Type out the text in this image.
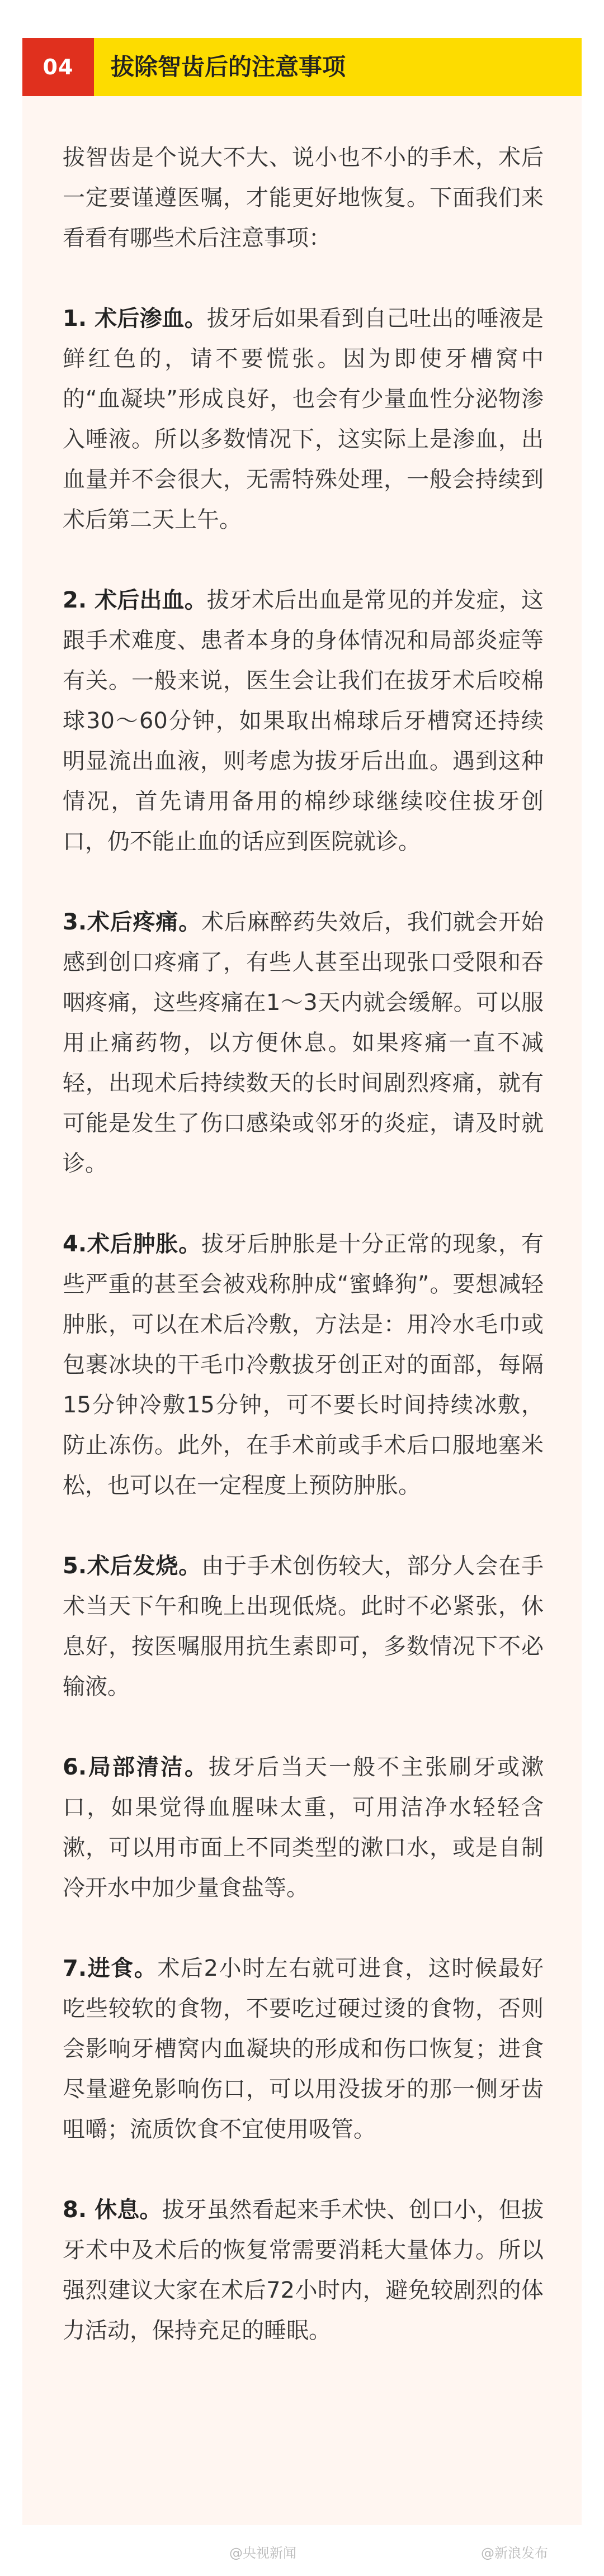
04	拔除智齿后的注意事项

拔智齿是个说大不大、说小也不小的手术，术后一定要谨遵医嘱，才能更好地恢复。下面我们来看看有哪些术后注意事项：

1. 术后渗血。拔牙后如果看到自己吐出的唾液是鲜红色的，请不要慌张。因为即使牙槽窝中的“血凝块”形成良好，也会有少量血性分泌物渗入唾液。所以多数情况下，这实际上是渗血，出血量并不会很大，无需特殊处理，一般会持续到术后第二天上午。

2. 术后出血。拔牙术后出血是常见的并发症，这跟手术难度、患者本身的身体情况和局部炎症等有关。一般来说，医生会让我们在拔牙术后咬棉球30～60分钟，如果取出棉球后牙槽窝还持续明显流出血液，则考虑为拔牙后出血。遇到这种情况，首先请用备用的棉纱球继续咬住拔牙创口，仍不能止血的话应到医院就诊。

3.术后疼痛。术后麻醉药失效后，我们就会开始感到创口疼痛了，有些人甚至出现张口受限和吞咽疼痛，这些疼痛在1～3天内就会缓解。可以服用止痛药物，以方便休息。如果疼痛一直不减轻，出现术后持续数天的长时间剧烈疼痛，就有可能是发生了伤口感染或邻牙的炎症，请及时就诊。

4.术后肿胀。拔牙后肿胀是十分正常的现象，有些严重的甚至会被戏称肿成“蜜蜂狗”。要想减轻肿胀，可以在术后冷敷，方法是：用冷水毛巾或包裹冰块的干毛巾冷敷拔牙创正对的面部，每隔15分钟冷敷15分钟，可不要长时间持续冰敷，防止冻伤。此外，在手术前或手术后口服地塞米松，也可以在一定程度上预防肿胀。

5.术后发烧。由于手术创伤较大，部分人会在手术当天下午和晚上出现低烧。此时不必紧张，休息好，按医嘱服用抗生素即可，多数情况下不必输液。

6.局部清洁。拔牙后当天一般不主张刷牙或漱口，如果觉得血腥味太重，可用洁净水轻轻含漱，可以用市面上不同类型的漱口水，或是自制冷开水中加少量食盐等。

7.进食。术后2小时左右就可进食，这时候最好吃些较软的食物，不要吃过硬过烫的食物，否则会影响牙槽窝内血凝块的形成和伤口恢复；进食尽量避免影响伤口，可以用没拔牙的那一侧牙齿咀嚼；流质饮食不宜使用吸管。

8. 休息。拔牙虽然看起来手术快、创口小，但拔牙术中及术后的恢复常需要消耗大量体力。所以强烈建议大家在术后72小时内，避免较剧烈的体力活动，保持充足的睡眠。

@央视新闻	@新浪发布
